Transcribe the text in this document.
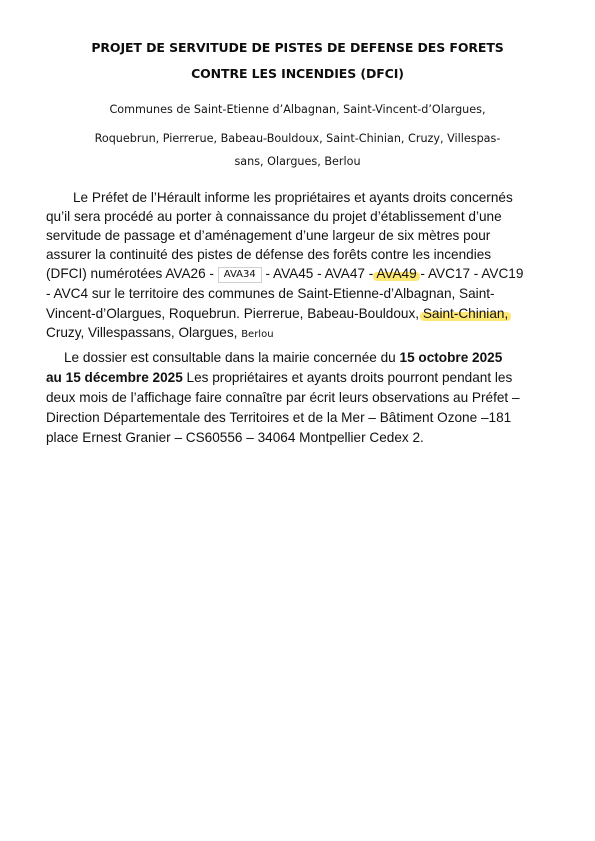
PROJET DE SERVITUDE DE PISTES DE DEFENSE DES FORETS
CONTRE LES INCENDIES (DFCI)
Communes de Saint-Etienne d’Albagnan, Saint-Vincent-d’Olargues,
Roquebrun, Pierrerue, Babeau-Bouldoux, Saint-Chinian, Cruzy, Villespas-
sans, Olargues, Berlou
Le Préfet de l’Hérault informe les propriétaires et ayants droits concernés
qu’il sera procédé au porter à connaissance du projet d’établissement d’une
servitude de passage et d’aménagement d’une largeur de six mètres pour
assurer la continuité des pistes de défense des forêts contre les incendies
(DFCI) numérotées AVA26 - AVA34 - AVA45 - AVA47 - AVA49 - AVC17 - AVC19
- AVC4 sur le territoire des communes de Saint-Etienne-d’Albagnan, Saint-
Vincent-d’Olargues, Roquebrun. Pierrerue, Babeau-Bouldoux, Saint-Chinian,
Cruzy, Villespassans, Olargues, Berlou
Le dossier est consultable dans la mairie concernée du 15 octobre 2025
au 15 décembre 2025 Les propriétaires et ayants droits pourront pendant les
deux mois de l’affichage faire connaître par écrit leurs observations au Préfet –
Direction Départementale des Territoires et de la Mer – Bâtiment Ozone –181
place Ernest Granier – CS60556 – 34064 Montpellier Cedex 2.
